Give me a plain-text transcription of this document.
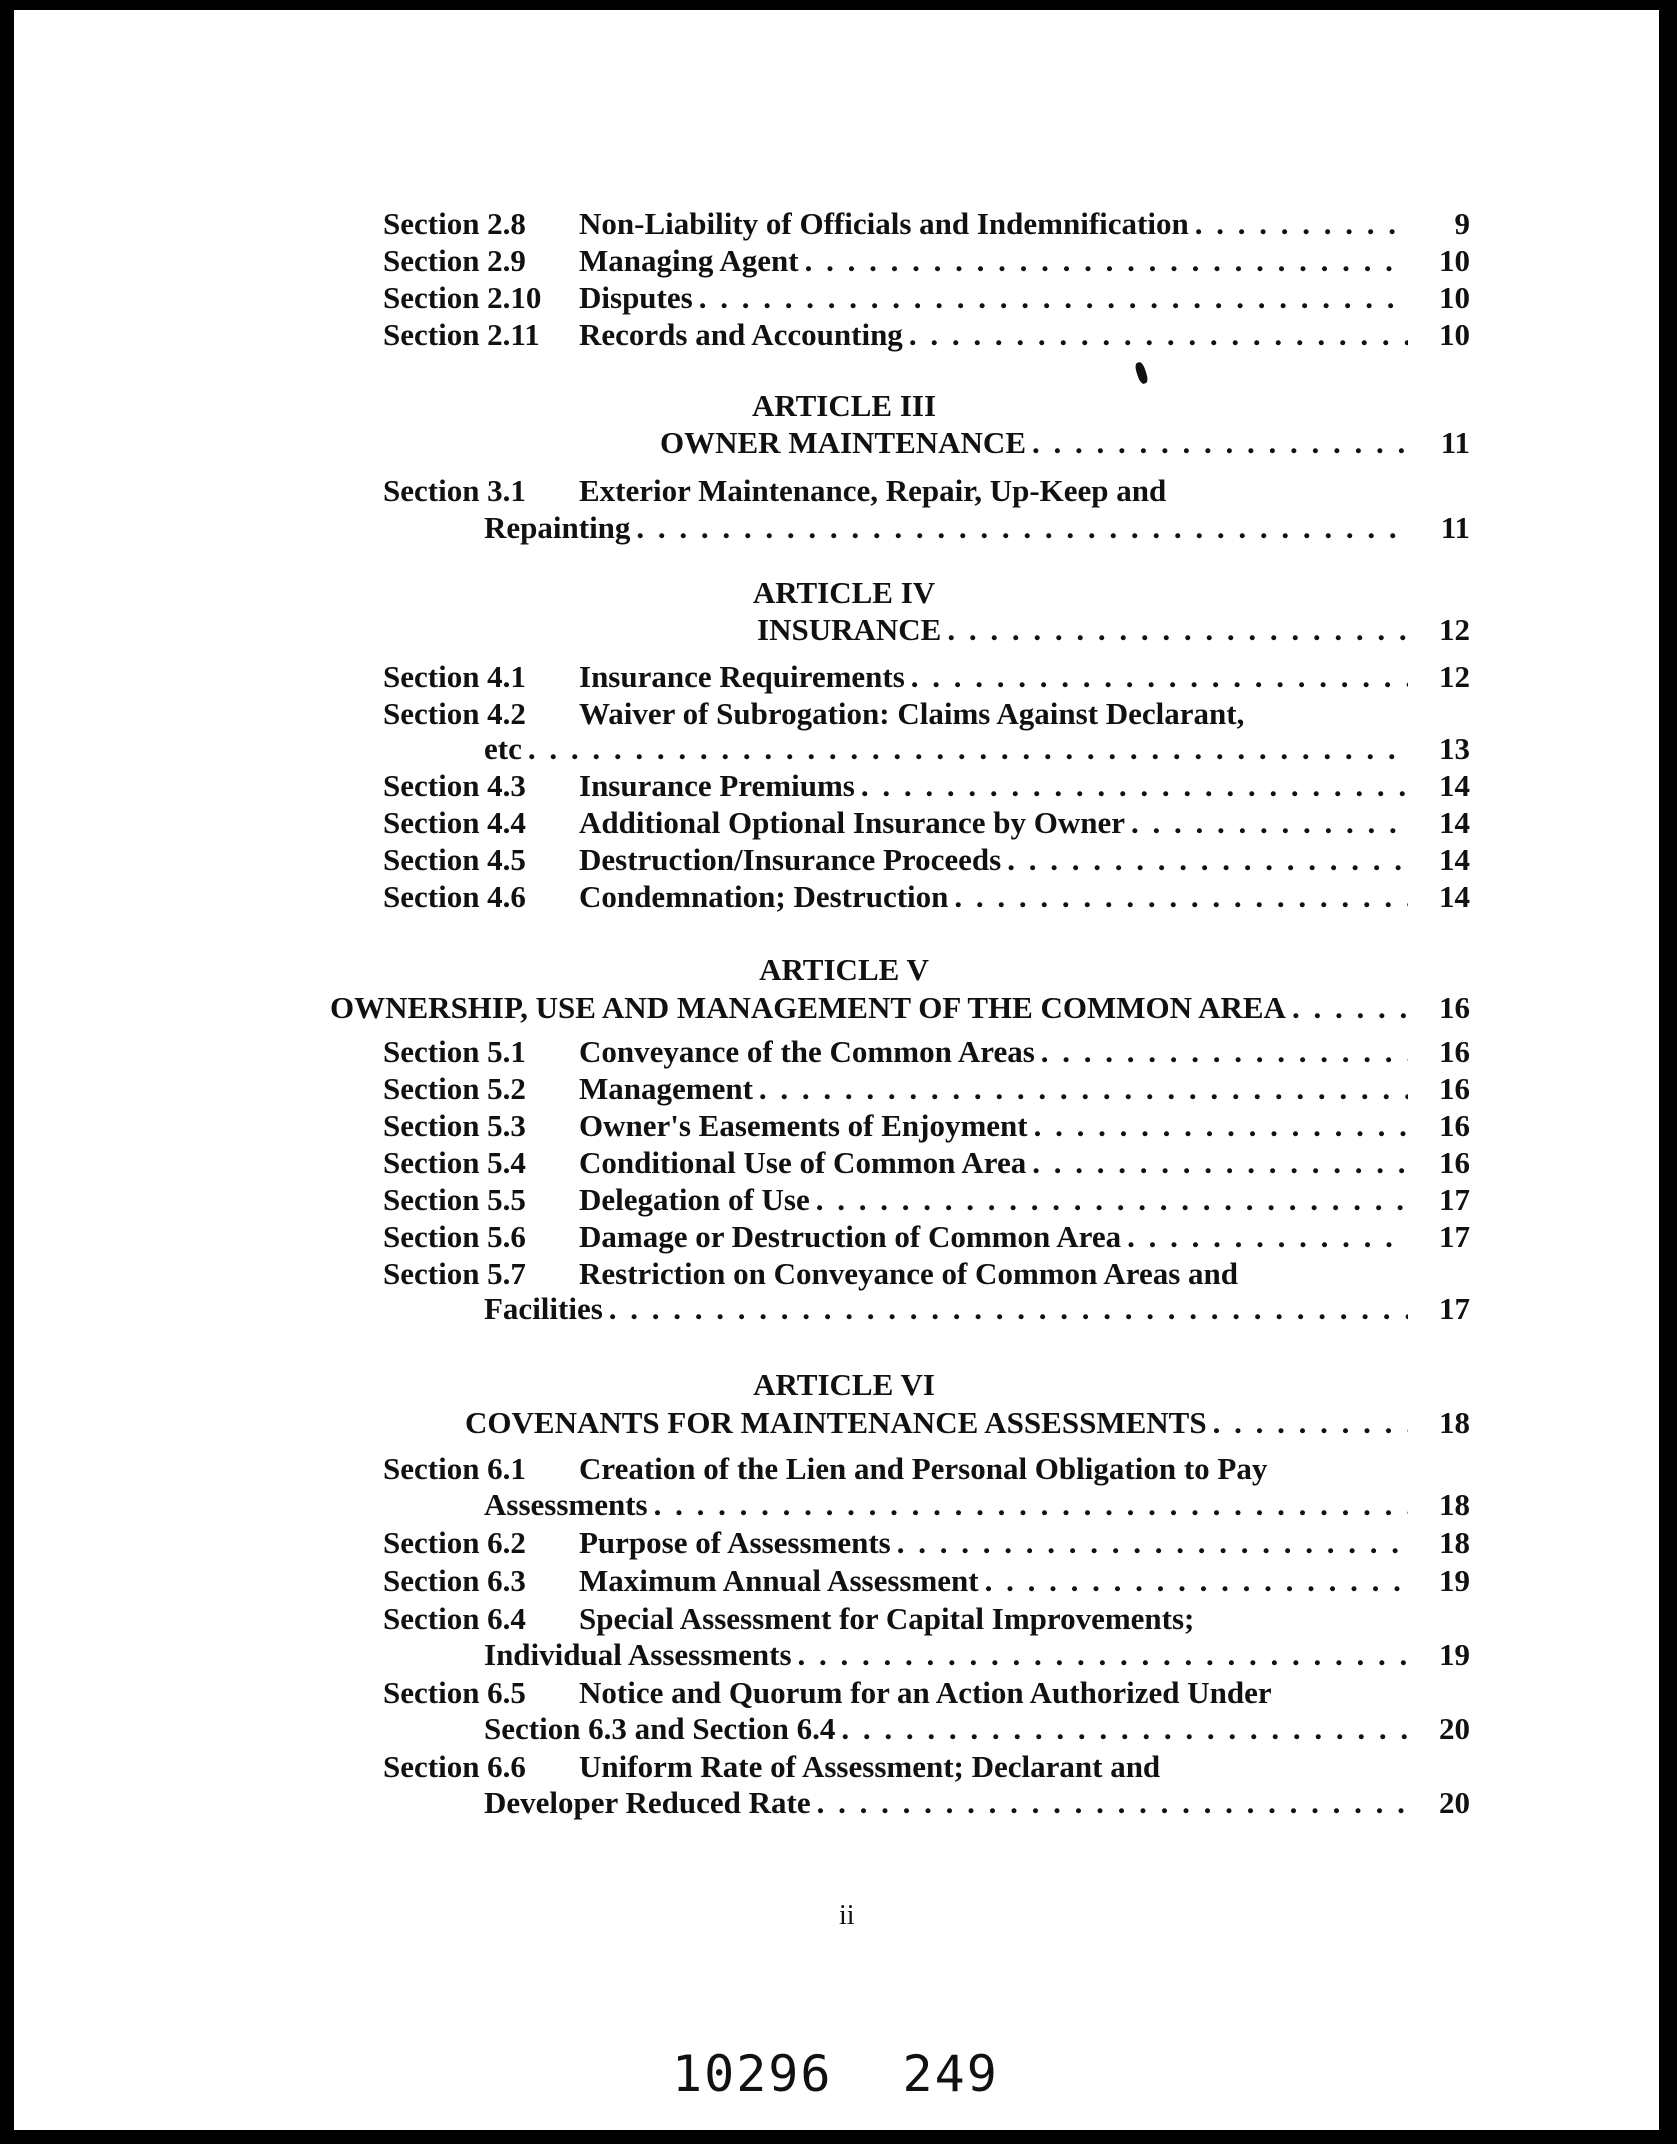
Section 2.8	Non-Liability of Officials and Indemnification . . .	9
Section 2.9	Managing Agent . . .	10
Section 2.10	Disputes . . .	10
Section 2.11	Records and Accounting . . .	10
ARTICLE III
OWNER MAINTENANCE . . .	11
Section 3.1	Exterior Maintenance, Repair, Up-Keep and
Repainting . . .	11
ARTICLE IV
INSURANCE . . .	12
Section 4.1	Insurance Requirements . . .	12
Section 4.2	Waiver of Subrogation: Claims Against Declarant,
etc . . .	13
Section 4.3	Insurance Premiums . . .	14
Section 4.4	Additional Optional Insurance by Owner . . .	14
Section 4.5	Destruction/Insurance Proceeds . . .	14
Section 4.6	Condemnation; Destruction . . .	14
ARTICLE V
OWNERSHIP, USE AND MANAGEMENT OF THE COMMON AREA . . .	16
Section 5.1	Conveyance of the Common Areas . . .	16
Section 5.2	Management . . .	16
Section 5.3	Owner's Easements of Enjoyment . . .	16
Section 5.4	Conditional Use of Common Area . . .	16
Section 5.5	Delegation of Use . . .	17
Section 5.6	Damage or Destruction of Common Area . . .	17
Section 5.7	Restriction on Conveyance of Common Areas and
Facilities . . .	17
ARTICLE VI
COVENANTS FOR MAINTENANCE ASSESSMENTS . . .	18
Section 6.1	Creation of the Lien and Personal Obligation to Pay
Assessments . . .	18
Section 6.2	Purpose of Assessments . . .	18
Section 6.3	Maximum Annual Assessment . . .	19
Section 6.4	Special Assessment for Capital Improvements;
Individual Assessments . . .	19
Section 6.5	Notice and Quorum for an Action Authorized Under
Section 6.3 and Section 6.4 . . .	20
Section 6.6	Uniform Rate of Assessment; Declarant and
Developer Reduced Rate . . .	20
ii
10296 249
